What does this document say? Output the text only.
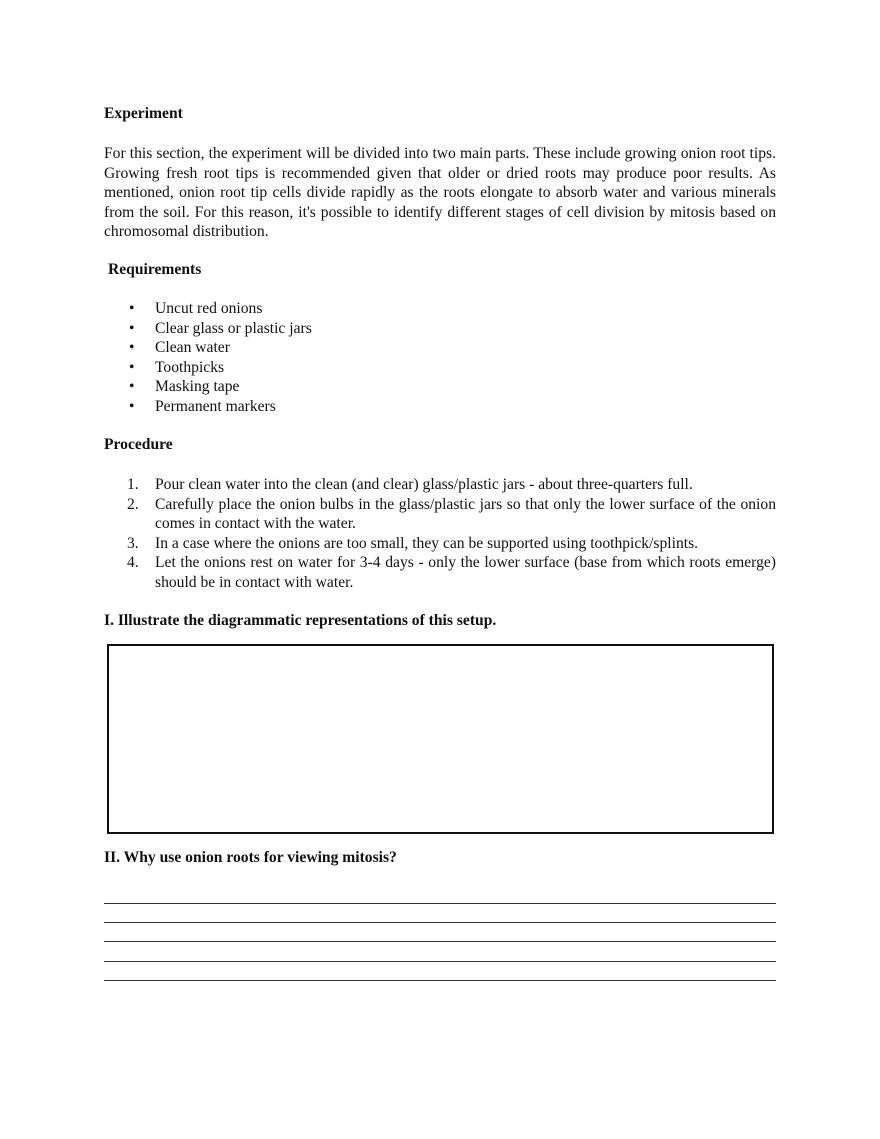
Experiment
For this section, the experiment will be divided into two main parts. These include growing onion root tips. Growing fresh root tips is recommended given that older or dried roots may produce poor results. As mentioned, onion root tip cells divide rapidly as the roots elongate to absorb water and various minerals from the soil. For this reason, it's possible to identify different stages of cell division by mitosis based on chromosomal distribution.
Requirements
• Uncut red onions
• Clear glass or plastic jars
• Clean water
• Toothpicks
• Masking tape
• Permanent markers
Procedure
1. Pour clean water into the clean (and clear) glass/plastic jars - about three-quarters full.
2. Carefully place the onion bulbs in the glass/plastic jars so that only the lower surface of the onion comes in contact with the water.
3. In a case where the onions are too small, they can be supported using toothpick/splints.
4. Let the onions rest on water for 3-4 days - only the lower surface (base from which roots emerge) should be in contact with water.
I. Illustrate the diagrammatic representations of this setup.
II. Why use onion roots for viewing mitosis?
